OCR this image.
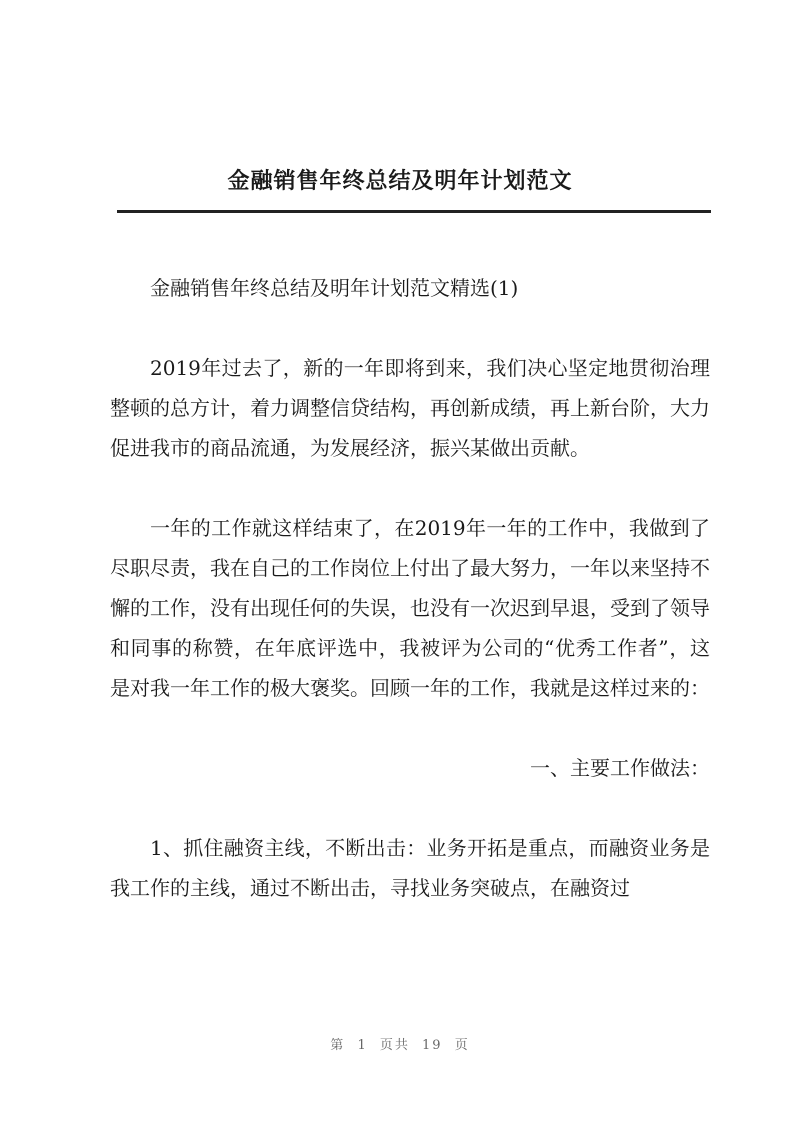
金融销售年终总结及明年计划范文

金融销售年终总结及明年计划范文精选(1)

2019年过去了，新的一年即将到来，我们决心坚定地贯彻治理整顿的总方计，着力调整信贷结构，再创新成绩，再上新台阶，大力促进我市的商品流通，为发展经济，振兴某做出贡献。

一年的工作就这样结束了，在2019年一年的工作中，我做到了尽职尽责，我在自己的工作岗位上付出了最大努力，一年以来坚持不懈的工作，没有出现任何的失误，也没有一次迟到早退，受到了领导和同事的称赞，在年底评选中，我被评为公司的“优秀工作者”，这是对我一年工作的极大褒奖。回顾一年的工作，我就是这样过来的：

一、主要工作做法：

1、抓住融资主线，不断出击：业务开拓是重点，而融资业务是我工作的主线，通过不断出击，寻找业务突破点，在融资过

第 1 页共 19 页
